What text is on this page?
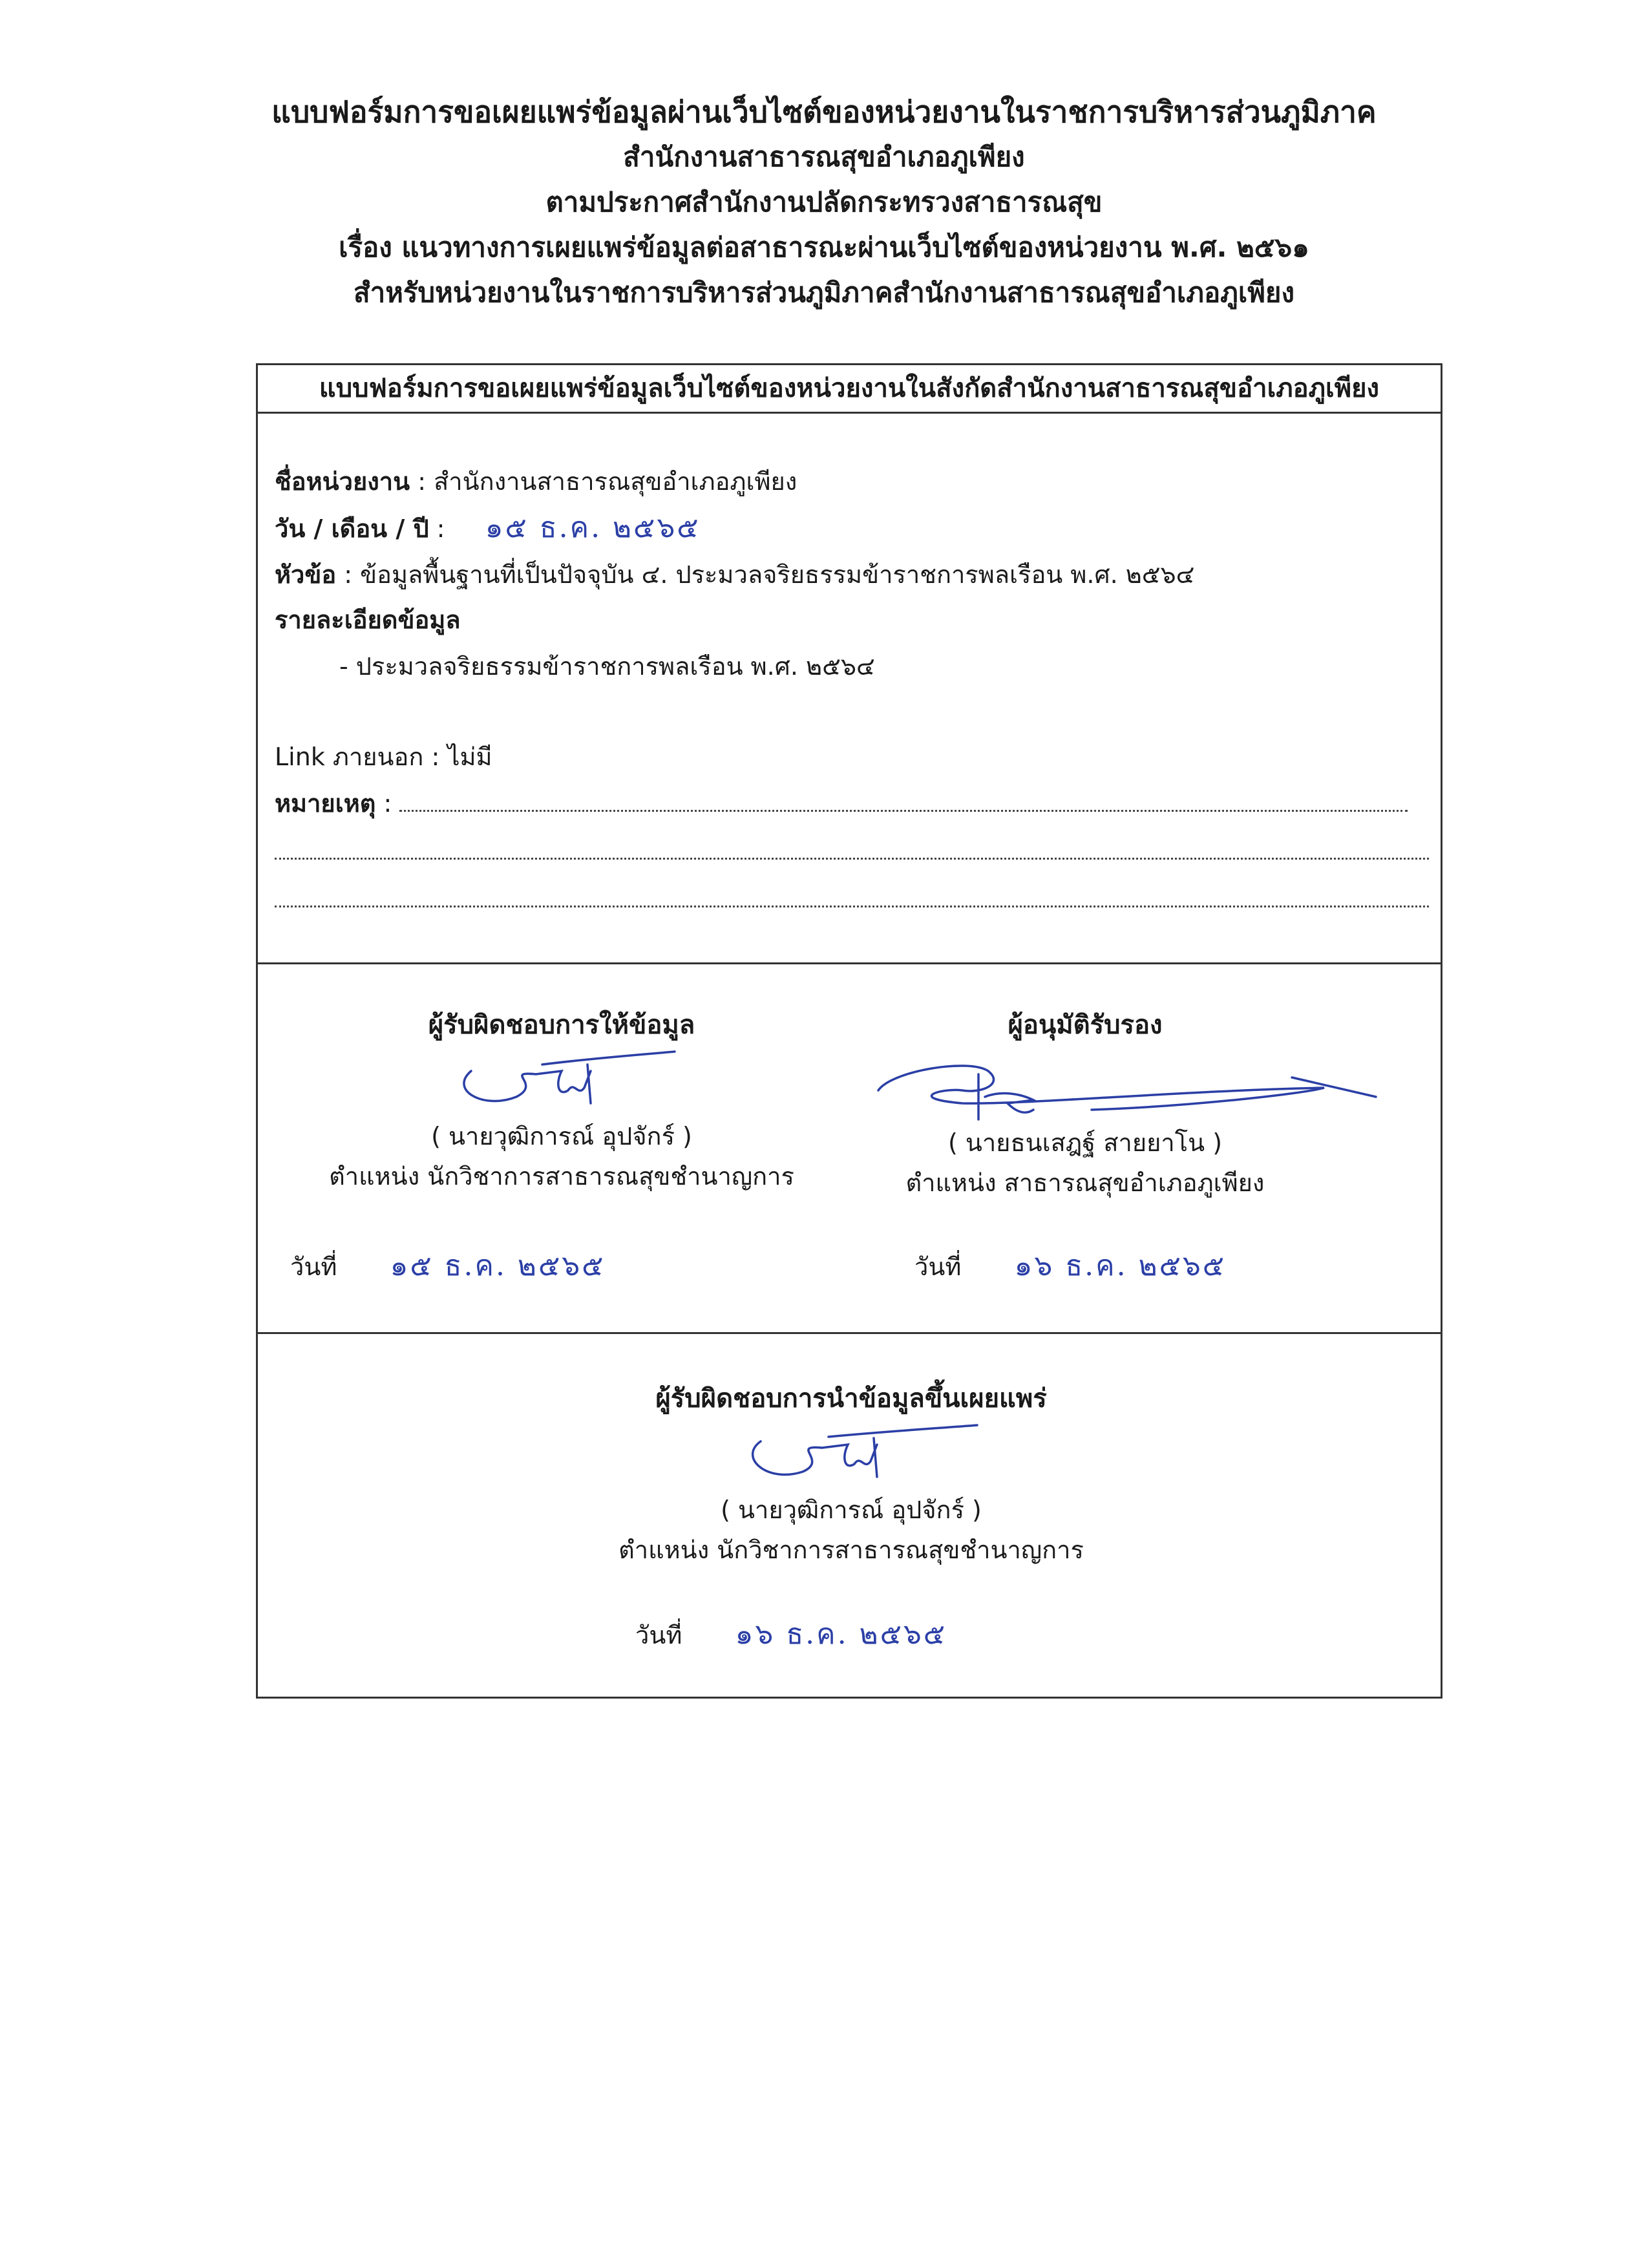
แบบฟอร์มการขอเผยแพร่ข้อมูลผ่านเว็บไซต์ของหน่วยงานในราชการบริหารส่วนภูมิภาค
สำนักงานสาธารณสุขอำเภอภูเพียง
ตามประกาศสำนักงานปลัดกระทรวงสาธารณสุข
เรื่อง แนวทางการเผยแพร่ข้อมูลต่อสาธารณะผ่านเว็บไซต์ของหน่วยงาน พ.ศ. ๒๕๖๑
สำหรับหน่วยงานในราชการบริหารส่วนภูมิภาคสำนักงานสาธารณสุขอำเภอภูเพียง
แบบฟอร์มการขอเผยแพร่ข้อมูลเว็บไซต์ของหน่วยงานในสังกัดสำนักงานสาธารณสุขอำเภอภูเพียง
ชื่อหน่วยงาน : สำนักงานสาธารณสุขอำเภอภูเพียง
วัน / เดือน / ปี : ๑๕ ธ.ค. ๒๕๖๕
หัวข้อ : ข้อมูลพื้นฐานที่เป็นปัจจุบัน ๔. ประมวลจริยธรรมข้าราชการพลเรือน พ.ศ. ๒๕๖๔
รายละเอียดข้อมูล
- ประมวลจริยธรรมข้าราชการพลเรือน พ.ศ. ๒๕๖๔
Link ภายนอก : ไม่มี
หมายเหตุ :
ผู้รับผิดชอบการให้ข้อมูล
( นายวุฒิการณ์ อุปจักร์ )
ตำแหน่ง นักวิชาการสาธารณสุขชำนาญการ
วันที่ ๑๕ ธ.ค. ๒๕๖๕
ผู้อนุมัติรับรอง
( นายธนเสฎฐ์ สายยาโน )
ตำแหน่ง สาธารณสุขอำเภอภูเพียง
วันที่ ๑๖ ธ.ค. ๒๕๖๕
ผู้รับผิดชอบการนำข้อมูลขึ้นเผยแพร่
( นายวุฒิการณ์ อุปจักร์ )
ตำแหน่ง นักวิชาการสาธารณสุขชำนาญการ
วันที่ ๑๖ ธ.ค. ๒๕๖๕
